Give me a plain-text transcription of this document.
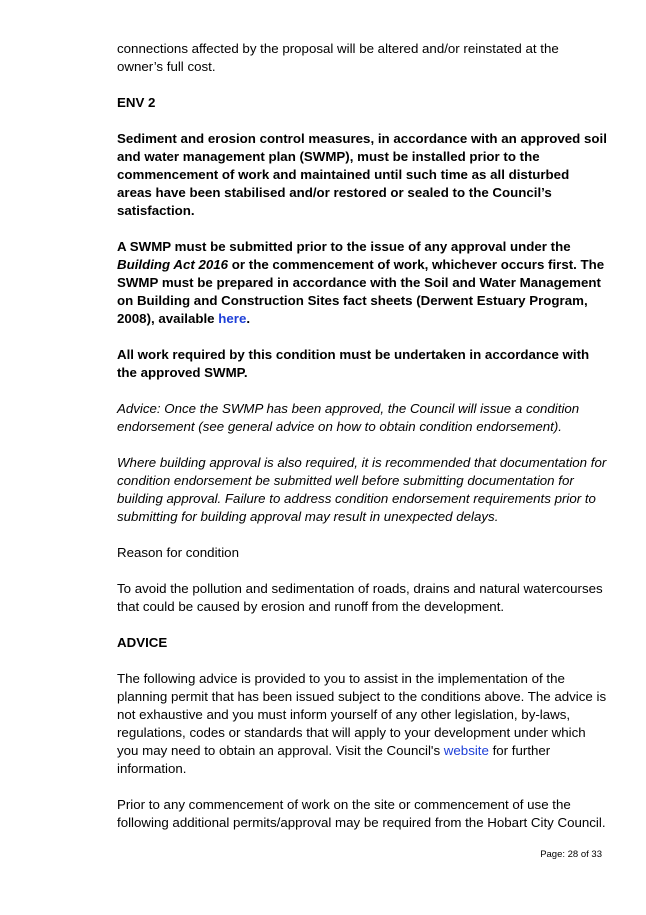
connections affected by the proposal will be altered and/or reinstated at the owner’s full cost.

ENV 2

Sediment and erosion control measures, in accordance with an approved soil and water management plan (SWMP), must be installed prior to the commencement of work and maintained until such time as all disturbed areas have been stabilised and/or restored or sealed to the Council’s satisfaction.

A SWMP must be submitted prior to the issue of any approval under the Building Act 2016 or the commencement of work, whichever occurs first. The SWMP must be prepared in accordance with the Soil and Water Management on Building and Construction Sites fact sheets (Derwent Estuary Program, 2008), available here.

All work required by this condition must be undertaken in accordance with the approved SWMP.

Advice: Once the SWMP has been approved, the Council will issue a condition endorsement (see general advice on how to obtain condition endorsement).

Where building approval is also required, it is recommended that documentation for condition endorsement be submitted well before submitting documentation for building approval. Failure to address condition endorsement requirements prior to submitting for building approval may result in unexpected delays.

Reason for condition

To avoid the pollution and sedimentation of roads, drains and natural watercourses that could be caused by erosion and runoff from the development.

ADVICE

The following advice is provided to you to assist in the implementation of the planning permit that has been issued subject to the conditions above. The advice is not exhaustive and you must inform yourself of any other legislation, by-laws, regulations, codes or standards that will apply to your development under which you may need to obtain an approval. Visit the Council's website for further information.

Prior to any commencement of work on the site or commencement of use the following additional permits/approval may be required from the Hobart City Council.

Page: 28 of 33
